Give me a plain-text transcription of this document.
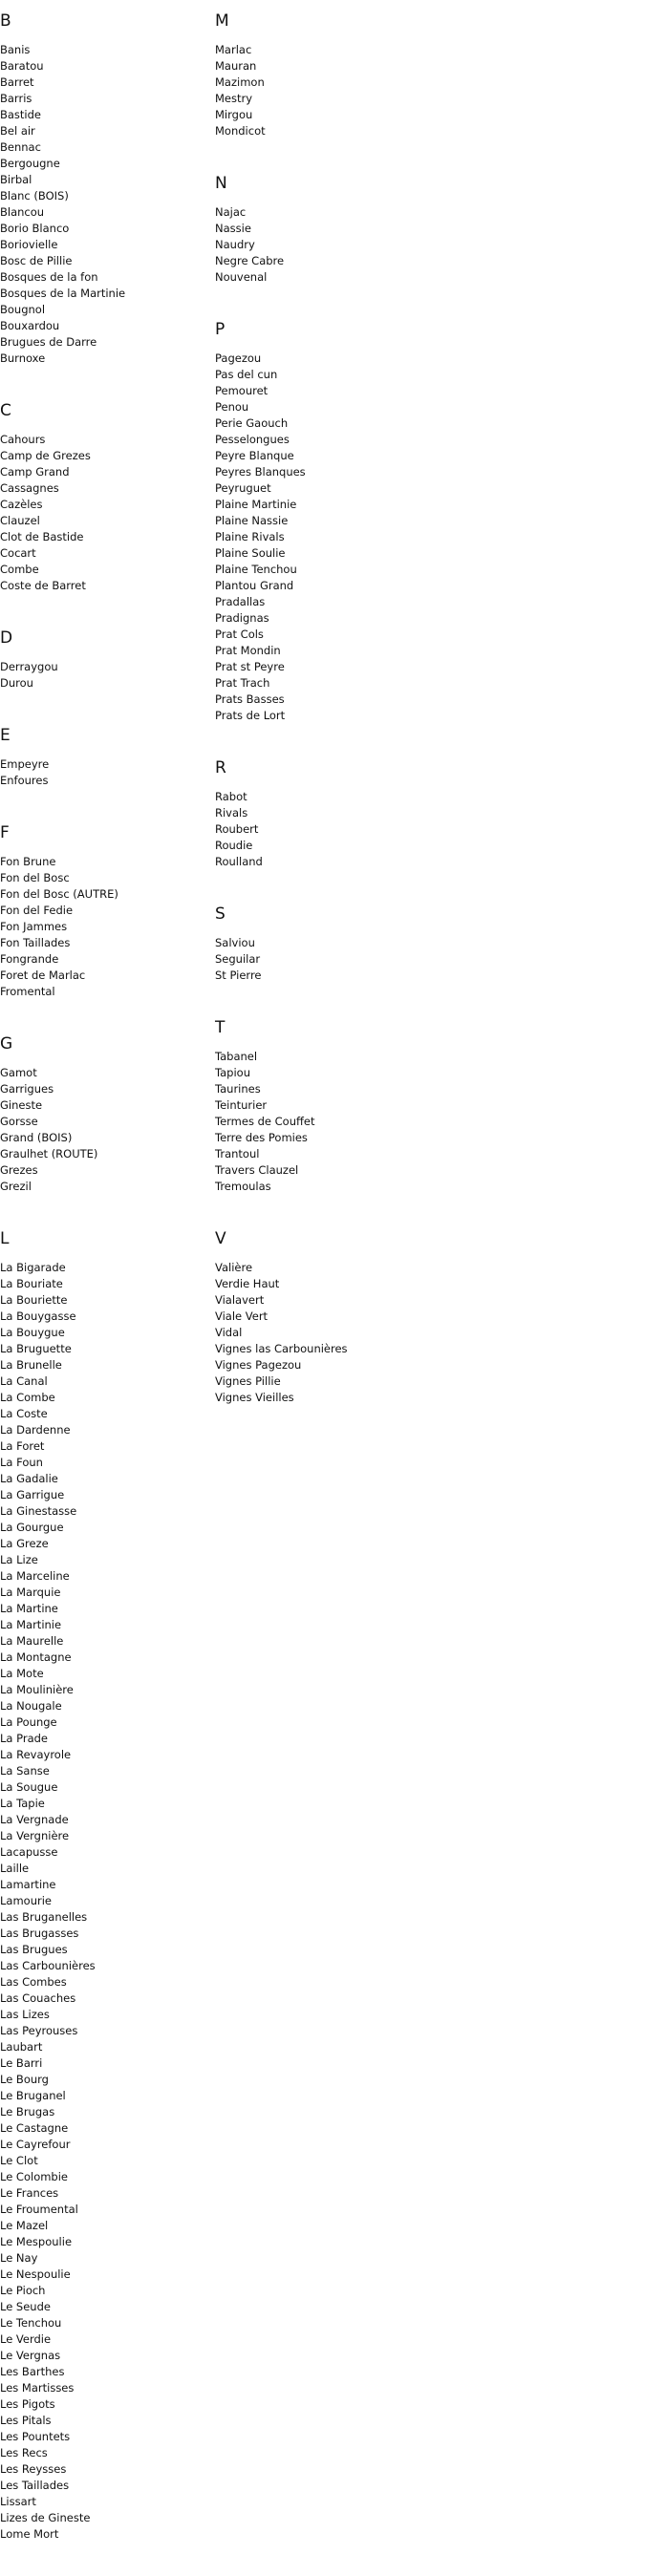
B
Banis
Baratou
Barret
Barris
Bastide
Bel air
Bennac
Bergougne
Birbal
Blanc (BOIS)
Blancou
Borio Blanco
Boriovielle
Bosc de Pillie
Bosques de la fon
Bosques de la Martinie
Bougnol
Bouxardou
Brugues de Darre
Burnoxe
C
Cahours
Camp de Grezes
Camp Grand
Cassagnes
Cazèles
Clauzel
Clot de Bastide
Cocart
Combe
Coste de Barret
D
Derraygou
Durou
E
Empeyre
Enfoures
F
Fon Brune
Fon del Bosc
Fon del Bosc (AUTRE)
Fon del Fedie
Fon Jammes
Fon Taillades
Fongrande
Foret de Marlac
Fromental
G
Gamot
Garrigues
Gineste
Gorsse
Grand (BOIS)
Graulhet (ROUTE)
Grezes
Grezil
L
La Bigarade
La Bouriate
La Bouriette
La Bouygasse
La Bouygue
La Bruguette
La Brunelle
La Canal
La Combe
La Coste
La Dardenne
La Foret
La Foun
La Gadalie
La Garrigue
La Ginestasse
La Gourgue
La Greze
La Lize
La Marceline
La Marquie
La Martine
La Martinie
La Maurelle
La Montagne
La Mote
La Moulinière
La Nougale
La Pounge
La Prade
La Revayrole
La Sanse
La Sougue
La Tapie
La Vergnade
La Vergnière
Lacapusse
Laille
Lamartine
Lamourie
Las Bruganelles
Las Brugasses
Las Brugues
Las Carbounières
Las Combes
Las Couaches
Las Lizes
Las Peyrouses
Laubart
Le Barri
Le Bourg
Le Bruganel
Le Brugas
Le Castagne
Le Cayrefour
Le Clot
Le Colombie
Le Frances
Le Froumental
Le Mazel
Le Mespoulie
Le Nay
Le Nespoulie
Le Pioch
Le Seude
Le Tenchou
Le Verdie
Le Vergnas
Les Barthes
Les Martisses
Les Pigots
Les Pitals
Les Pountets
Les Recs
Les Reysses
Les Taillades
Lissart
Lizes de Gineste
Lome Mort
M
Marlac
Mauran
Mazimon
Mestry
Mirgou
Mondicot
N
Najac
Nassie
Naudry
Negre Cabre
Nouvenal
P
Pagezou
Pas del cun
Pemouret
Penou
Perie Gaouch
Pesselongues
Peyre Blanque
Peyres Blanques
Peyruguet
Plaine Martinie
Plaine Nassie
Plaine Rivals
Plaine Soulie
Plaine Tenchou
Plantou Grand
Pradallas
Pradignas
Prat Cols
Prat Mondin
Prat st Peyre
Prat Trach
Prats Basses
Prats de Lort
R
Rabot
Rivals
Roubert
Roudie
Roulland
S
Salviou
Seguilar
St Pierre
T
Tabanel
Tapiou
Taurines
Teinturier
Termes de Couffet
Terre des Pomies
Trantoul
Travers Clauzel
Tremoulas
V
Valière
Verdie Haut
Vialavert
Viale Vert
Vidal
Vignes las Carbounières
Vignes Pagezou
Vignes Pillie
Vignes Vieilles
